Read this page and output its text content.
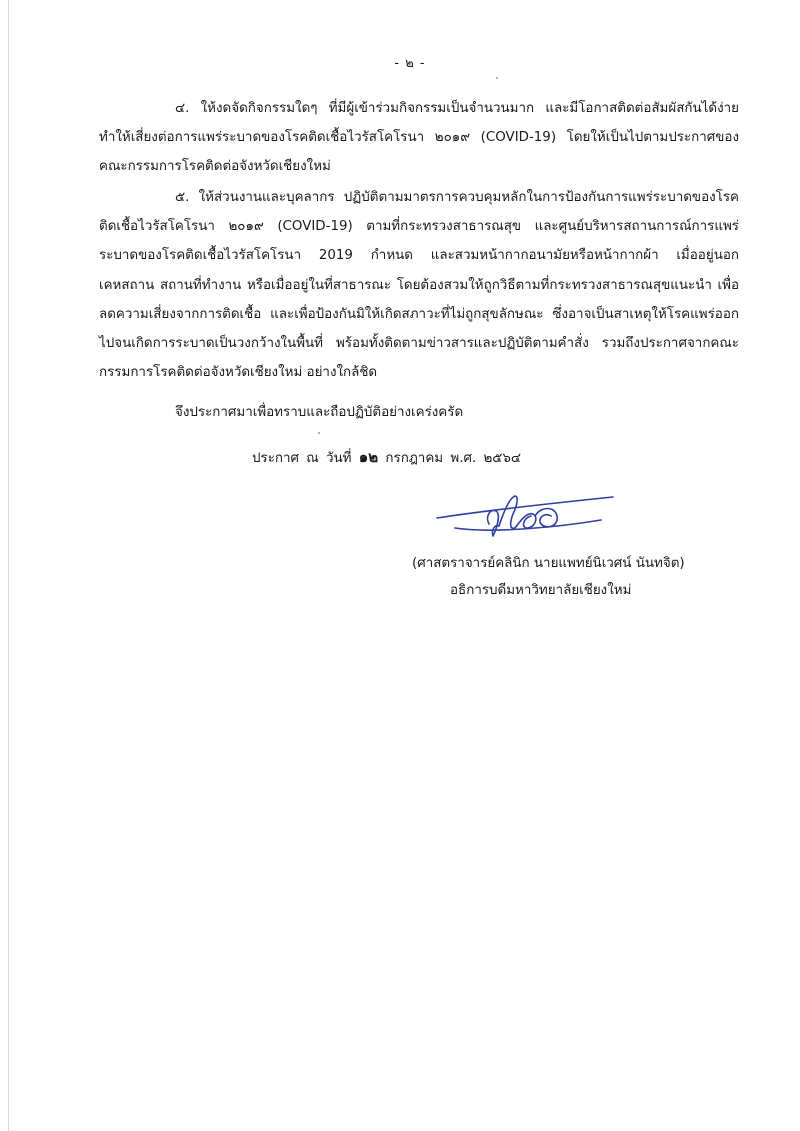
- ๒ -

๔. ให้งดจัดกิจกรรมใดๆ ที่มีผู้เข้าร่วมกิจกรรมเป็นจำนวนมาก และมีโอกาสติดต่อสัมผัสกันได้ง่าย ทำให้เสี่ยงต่อการแพร่ระบาดของโรคติดเชื้อไวรัสโคโรนา ๒๐๑๙ (COVID-19) โดยให้เป็นไปตามประกาศของคณะกรรมการโรคติดต่อจังหวัดเชียงใหม่

๕. ให้ส่วนงานและบุคลากร ปฏิบัติตามมาตรการควบคุมหลักในการป้องกันการแพร่ระบาดของโรคติดเชื้อไวรัสโคโรนา ๒๐๑๙ (COVID-19) ตามที่กระทรวงสาธารณสุข และศูนย์บริหารสถานการณ์การแพร่ระบาดของโรคติดเชื้อไวรัสโคโรนา 2019 กำหนด และสวมหน้ากากอนามัยหรือหน้ากากผ้า เมื่ออยู่นอกเคหสถาน สถานที่ทำงาน หรือเมื่ออยู่ในที่สาธารณะ โดยต้องสวมให้ถูกวิธีตามที่กระทรวงสาธารณสุขแนะนำ เพื่อลดความเสี่ยงจากการติดเชื้อ และเพื่อป้องกันมิให้เกิดสภาวะที่ไม่ถูกสุขลักษณะ ซึ่งอาจเป็นสาเหตุให้โรคแพร่ออกไปจนเกิดการระบาดเป็นวงกว้างในพื้นที่ พร้อมทั้งติดตามข่าวสารและปฏิบัติตามคำสั่ง รวมถึงประกาศจากคณะกรรมการโรคติดต่อจังหวัดเชียงใหม่ อย่างใกล้ชิด

จึงประกาศมาเพื่อทราบและถือปฏิบัติอย่างเคร่งครัด
ประกาศ ณ วันที่ ๑๒ กรกฎาคม พ.ศ. ๒๕๖๔
(ศาสตราจารย์คลินิก นายแพทย์นิเวศน์ นันทจิต)
อธิการบดีมหาวิทยาลัยเชียงใหม่
